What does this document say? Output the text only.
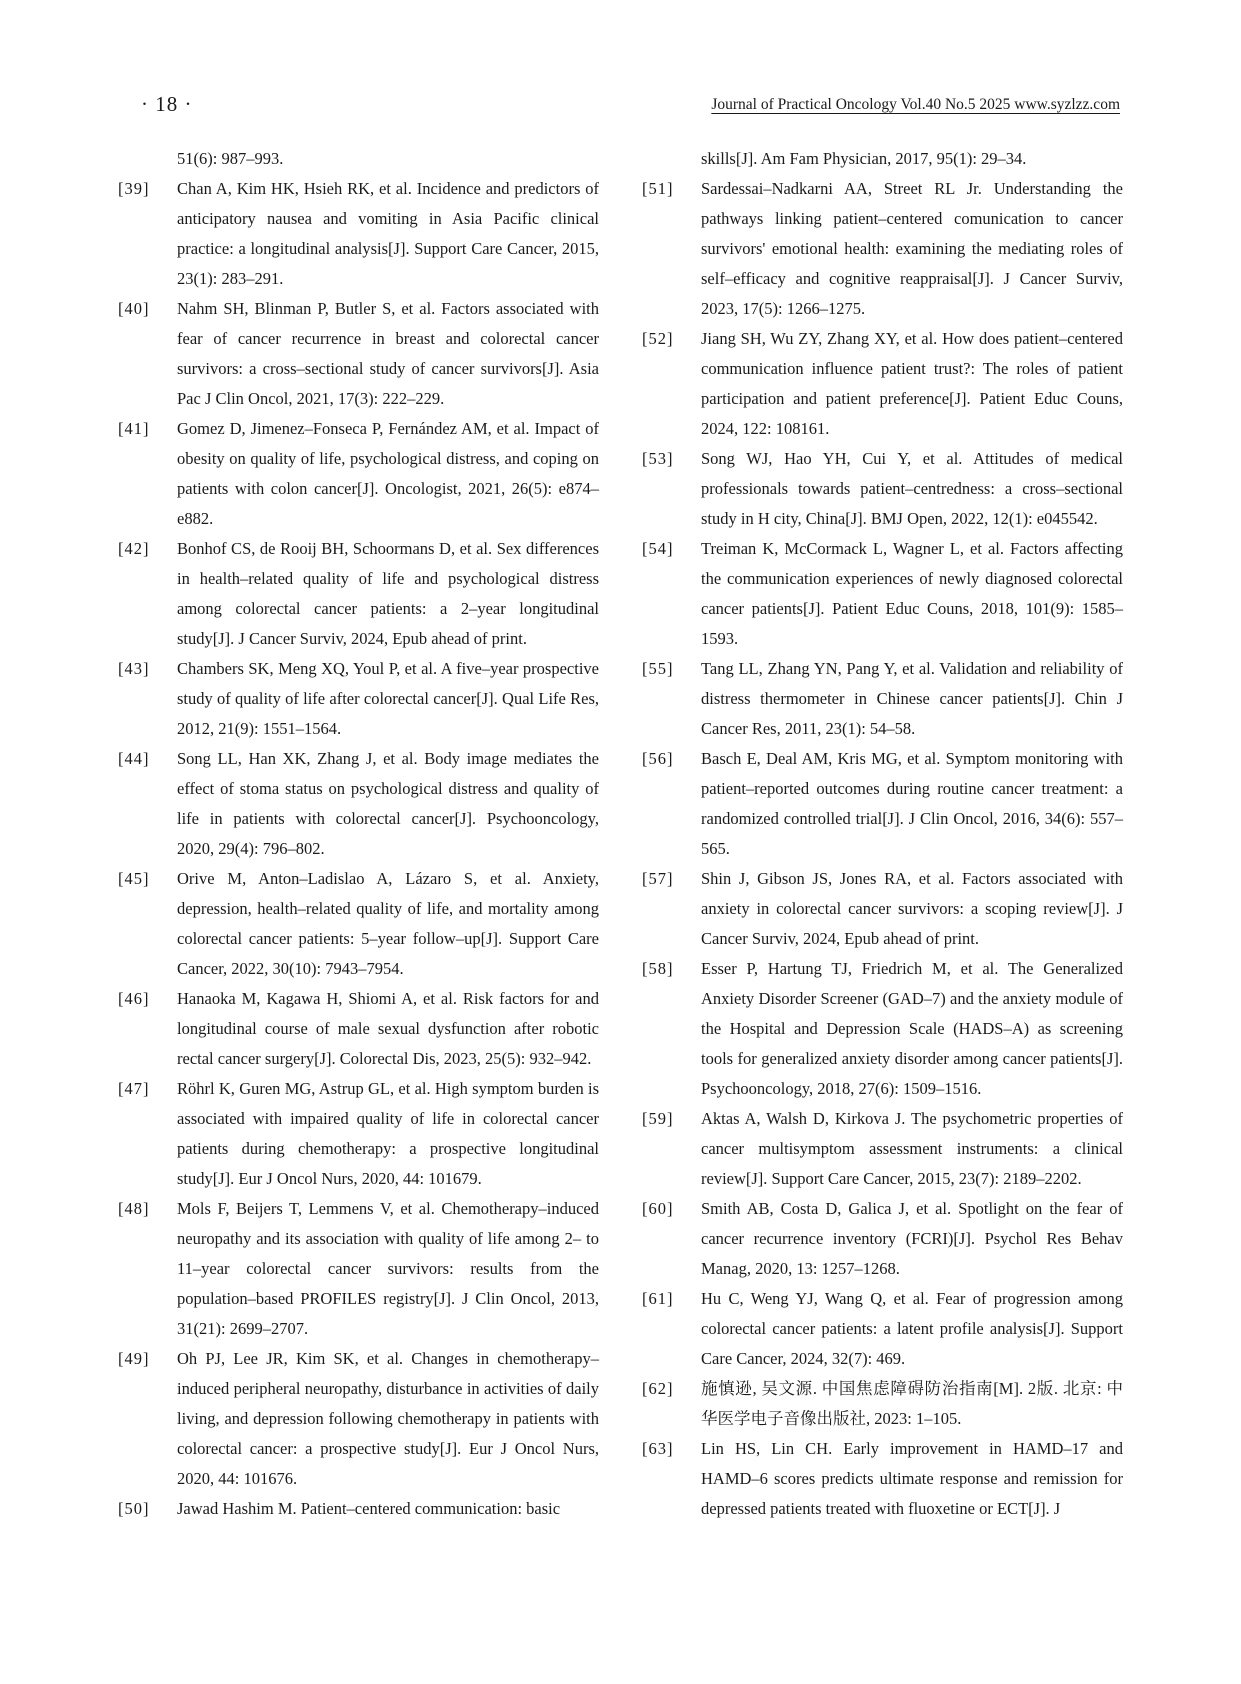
· 18 ·	Journal of Practical Oncology Vol.40 No.5 2025 www.syzlzz.com
51(6): 987–993.
[39] Chan A, Kim HK, Hsieh RK, et al. Incidence and predictors of anticipatory nausea and vomiting in Asia Pacific clinical practice: a longitudinal analysis[J]. Support Care Cancer, 2015, 23(1): 283–291.
[40] Nahm SH, Blinman P, Butler S, et al. Factors associated with fear of cancer recurrence in breast and colorectal cancer survivors: a cross–sectional study of cancer survivors[J]. Asia Pac J Clin Oncol, 2021, 17(3): 222–229.
[41] Gomez D, Jimenez–Fonseca P, Fernández AM, et al. Impact of obesity on quality of life, psychological distress, and coping on patients with colon cancer[J]. Oncologist, 2021, 26(5): e874–e882.
[42] Bonhof CS, de Rooij BH, Schoormans D, et al. Sex differences in health–related quality of life and psychological distress among colorectal cancer patients: a 2–year longitudinal study[J]. J Cancer Surviv, 2024, Epub ahead of print.
[43] Chambers SK, Meng XQ, Youl P, et al. A five–year prospective study of quality of life after colorectal cancer[J]. Qual Life Res, 2012, 21(9): 1551–1564.
[44] Song LL, Han XK, Zhang J, et al. Body image mediates the effect of stoma status on psychological distress and quality of life in patients with colorectal cancer[J]. Psychooncology, 2020, 29(4): 796–802.
[45] Orive M, Anton–Ladislao A, Lázaro S, et al. Anxiety, depression, health–related quality of life, and mortality among colorectal cancer patients: 5–year follow–up[J]. Support Care Cancer, 2022, 30(10): 7943–7954.
[46] Hanaoka M, Kagawa H, Shiomi A, et al. Risk factors for and longitudinal course of male sexual dysfunction after robotic rectal cancer surgery[J]. Colorectal Dis, 2023, 25(5): 932–942.
[47] Röhrl K, Guren MG, Astrup GL, et al. High symptom burden is associated with impaired quality of life in colorectal cancer patients during chemotherapy: a prospective longitudinal study[J]. Eur J Oncol Nurs, 2020, 44: 101679.
[48] Mols F, Beijers T, Lemmens V, et al. Chemotherapy–induced neuropathy and its association with quality of life among 2– to 11–year colorectal cancer survivors: results from the population–based PROFILES registry[J]. J Clin Oncol, 2013, 31(21): 2699–2707.
[49] Oh PJ, Lee JR, Kim SK, et al. Changes in chemotherapy–induced peripheral neuropathy, disturbance in activities of daily living, and depression following chemotherapy in patients with colorectal cancer: a prospective study[J]. Eur J Oncol Nurs, 2020, 44: 101676.
[50] Jawad Hashim M. Patient–centered communication: basic
skills[J]. Am Fam Physician, 2017, 95(1): 29–34.
[51] Sardessai–Nadkarni AA, Street RL Jr. Understanding the pathways linking patient–centered comunication to cancer survivors' emotional health: examining the mediating roles of self–efficacy and cognitive reappraisal[J]. J Cancer Surviv, 2023, 17(5): 1266–1275.
[52] Jiang SH, Wu ZY, Zhang XY, et al. How does patient–centered communication influence patient trust?: The roles of patient participation and patient preference[J]. Patient Educ Couns, 2024, 122: 108161.
[53] Song WJ, Hao YH, Cui Y, et al. Attitudes of medical professionals towards patient–centredness: a cross–sectional study in H city, China[J]. BMJ Open, 2022, 12(1): e045542.
[54] Treiman K, McCormack L, Wagner L, et al. Factors affecting the communication experiences of newly diagnosed colorectal cancer patients[J]. Patient Educ Couns, 2018, 101(9): 1585–1593.
[55] Tang LL, Zhang YN, Pang Y, et al. Validation and reliability of distress thermometer in Chinese cancer patients[J]. Chin J Cancer Res, 2011, 23(1): 54–58.
[56] Basch E, Deal AM, Kris MG, et al. Symptom monitoring with patient–reported outcomes during routine cancer treatment: a randomized controlled trial[J]. J Clin Oncol, 2016, 34(6): 557–565.
[57] Shin J, Gibson JS, Jones RA, et al. Factors associated with anxiety in colorectal cancer survivors: a scoping review[J]. J Cancer Surviv, 2024, Epub ahead of print.
[58] Esser P, Hartung TJ, Friedrich M, et al. The Generalized Anxiety Disorder Screener (GAD–7) and the anxiety module of the Hospital and Depression Scale (HADS–A) as screening tools for generalized anxiety disorder among cancer patients[J]. Psychooncology, 2018, 27(6): 1509–1516.
[59] Aktas A, Walsh D, Kirkova J. The psychometric properties of cancer multisymptom assessment instruments: a clinical review[J]. Support Care Cancer, 2015, 23(7): 2189–2202.
[60] Smith AB, Costa D, Galica J, et al. Spotlight on the fear of cancer recurrence inventory (FCRI)[J]. Psychol Res Behav Manag, 2020, 13: 1257–1268.
[61] Hu C, Weng YJ, Wang Q, et al. Fear of progression among colorectal cancer patients: a latent profile analysis[J]. Support Care Cancer, 2024, 32(7): 469.
[62] 施慎逊, 吴文源. 中国焦虑障碍防治指南[M]. 2版. 北京: 中华医学电子音像出版社, 2023: 1–105.
[63] Lin HS, Lin CH. Early improvement in HAMD–17 and HAMD–6 scores predicts ultimate response and remission for depressed patients treated with fluoxetine or ECT[J]. J
